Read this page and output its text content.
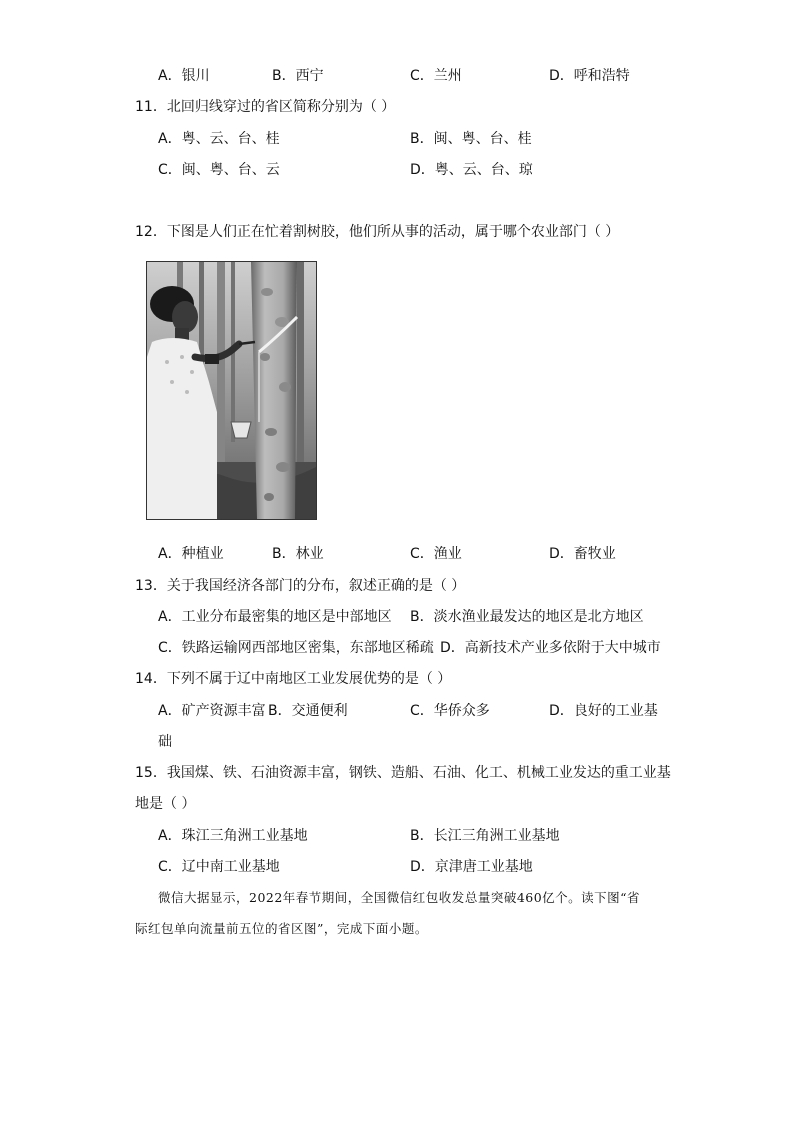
A．银川	B．西宁	C．兰州	D．呼和浩特
11．北回归线穿过的省区简称分别为（ ）
A．粤、云、台、桂	B．闽、粤、台、桂
C．闽、粤、台、云	D．粤、云、台、琼
12．下图是人们正在忙着割树胶，他们所从事的活动，属于哪个农业部门（ ）
A．种植业	B．林业	C．渔业	D．畜牧业
13．关于我国经济各部门的分布，叙述正确的是（ ）
A．工业分布最密集的地区是中部地区 B．淡水渔业最发达的地区是北方地区
C．铁路运输网西部地区密集，东部地区稀疏 D．高新技术产业多依附于大中城市
14．下列不属于辽中南地区工业发展优势的是（ ）
A．矿产资源丰富 B．交通便利	C．华侨众多	D．良好的工业基
础
15．我国煤、铁、石油资源丰富，钢铁、造船、石油、化工、机械工业发达的重工业基
地是（ ）
A．珠江三角洲工业基地	B．长江三角洲工业基地
C．辽中南工业基地	D．京津唐工业基地
微信大据显示，2022年春节期间，全国微信红包收发总量突破460亿个。读下图“省
际红包单向流量前五位的省区图”，完成下面小题。
